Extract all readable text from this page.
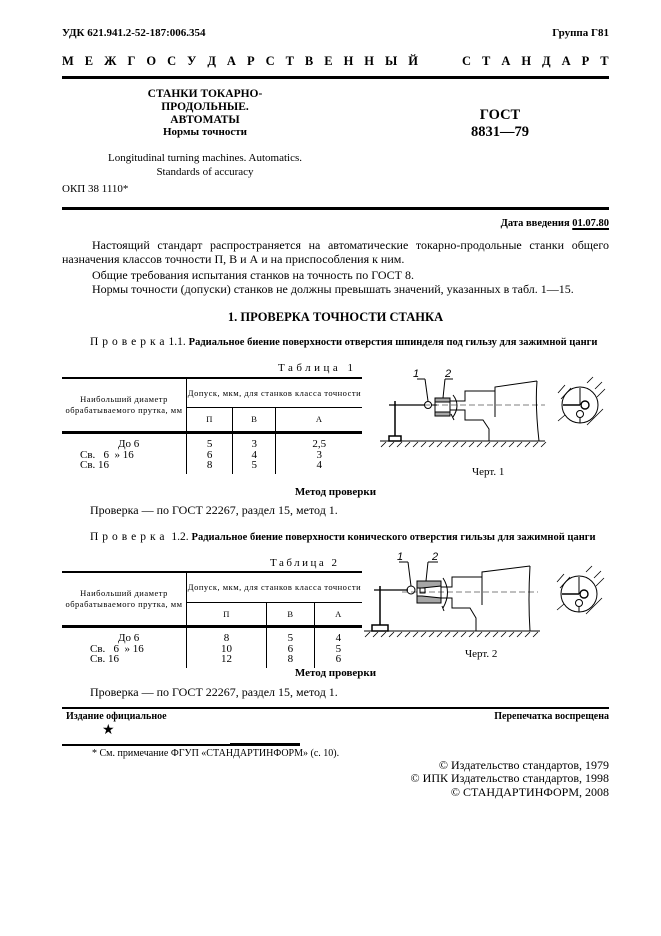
УДК 621.941.2-52-187:006.354	Группа Г81
М Е Ж Г О С У Д А Р С Т В Е Н Н Ы Й	С Т А Н Д А Р Т
СТАНКИ ТОКАРНО-ПРОДОЛЬНЫЕ.
АВТОМАТЫ
Нормы точности
Longitudinal turning machines. Automatics.
Standards of accuracy
ГОСТ
8831—79
ОКП 38 1110*
Дата введения 01.07.80
Настоящий стандарт распространяется на автоматические токарно-продольные станки общего назначения классов точности П, В и А и на приспособления к ним.
Общие требования испытания станков на точность по ГОСТ 8.
Нормы точности (допуски) станков не должны превышать значений, указанных в табл. 1—15.
1. ПРОВЕРКА ТОЧНОСТИ СТАНКА
Проверка1.1. Радиальное биение поверхности отверстия шпинделя под гильзу для зажимной цанги
Таблица 1
Наибольший диаметр обрабатываемого прутка, мм	Допуск, мкм, для станков класса точности		
	П	В	А
До 6	5	3	2,5
Св.   6  » 16	6	4	3
Св. 16	8	5	4
1 2
Черт. 1
Метод проверки
Проверка — по ГОСТ 22267, раздел 15, метод 1.
Проверка 1.2. Радиальное биение поверхности конического отверстия гильзы для зажимной цанги
Таблица 2
Наибольший диаметр обрабатываемого прутка, мм	Допуск, мкм, для станков класса точности		
	П	В	А
До 6	8	5	4
Св.   6  » 16	10	6	5
Св. 16	12	8	6
1	2
Черт. 2
Метод проверки
Проверка — по ГОСТ 22267, раздел 15, метод 1.
Издание официальное
★
Перепечатка воспрещена
* См. примечание ФГУП «СТАНДАРТИНФОРМ» (с. 10).
© Издательство стандартов, 1979
© ИПК Издательство стандартов, 1998
© СТАНДАРТИНФОРМ, 2008
